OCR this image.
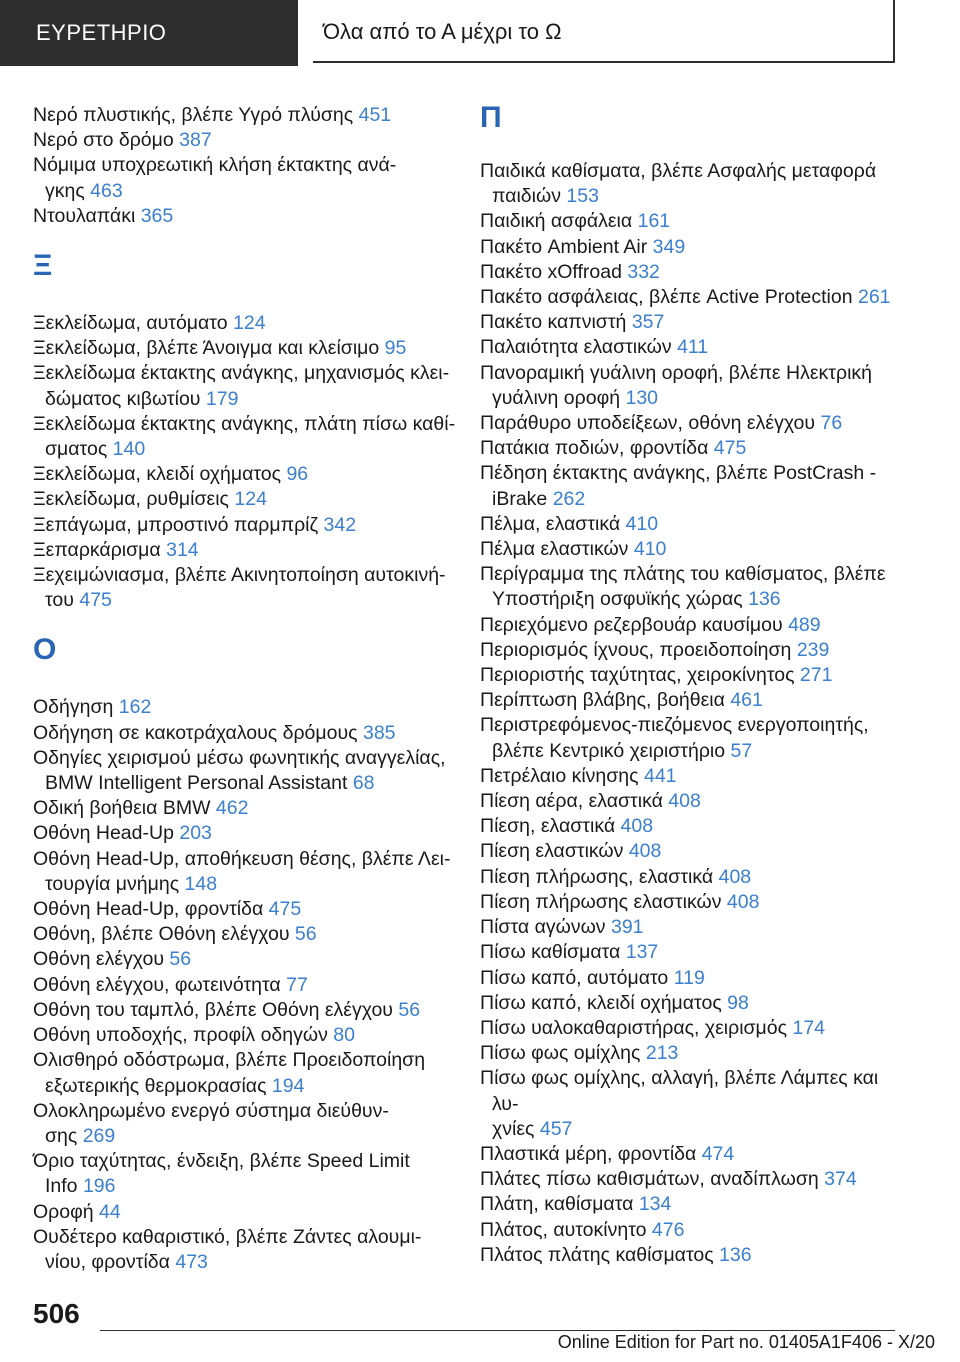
ΕΥΡΕΤΗΡΙΟ	Όλα από το Α μέχρι το Ω
Νερό πλυστικής, βλέπε Υγρό πλύσης 451
Νερό στο δρόμο 387
Νόμιμα υποχρεωτική κλήση έκτακτης ανά‐
γκης 463
Ντουλαπάκι 365
Ξ
Ξεκλείδωμα, αυτόματο 124
Ξεκλείδωμα, βλέπε Άνοιγμα και κλείσιμο 95
Ξεκλείδωμα έκτακτης ανάγκης, μηχανισμός κλει‐
δώματος κιβωτίου 179
Ξεκλείδωμα έκτακτης ανάγκης, πλάτη πίσω καθί‐
σματος 140
Ξεκλείδωμα, κλειδί οχήματος 96
Ξεκλείδωμα, ρυθμίσεις 124
Ξεπάγωμα, μπροστινό παρμπρίζ 342
Ξεπαρκάρισμα 314
Ξεχειμώνιασμα, βλέπε Ακινητοποίηση αυτοκινή‐
του 475
Ο
Οδήγηση 162
Οδήγηση σε κακοτράχαλους δρόμους 385
Οδηγίες χειρισμού μέσω φωνητικής αναγγελίας,
BMW Intelligent Personal Assistant 68
Οδική βοήθεια BMW 462
Οθόνη Head-Up 203
Οθόνη Head-Up, αποθήκευση θέσης, βλέπε Λει‐
τουργία μνήμης 148
Οθόνη Head-Up, φροντίδα 475
Οθόνη, βλέπε Οθόνη ελέγχου 56
Οθόνη ελέγχου 56
Οθόνη ελέγχου, φωτεινότητα 77
Οθόνη του ταμπλό, βλέπε Οθόνη ελέγχου 56
Οθόνη υποδοχής, προφίλ οδηγών 80
Ολισθηρό οδόστρωμα, βλέπε Προειδοποίηση
εξωτερικής θερμοκρασίας 194
Ολοκληρωμένο ενεργό σύστημα διεύθυν‐
σης 269
Όριο ταχύτητας, ένδειξη, βλέπε Speed Limit
Info 196
Οροφή 44
Ουδέτερο καθαριστικό, βλέπε Ζάντες αλουμι‐
νίου, φροντίδα 473
Π
Παιδικά καθίσματα, βλέπε Ασφαλής μεταφορά
παιδιών 153
Παιδική ασφάλεια 161
Πακέτο Ambient Air 349
Πακέτο xOffroad 332
Πακέτο ασφάλειας, βλέπε Active Protection 261
Πακέτο καπνιστή 357
Παλαιότητα ελαστικών 411
Πανοραμική γυάλινη οροφή, βλέπε Ηλεκτρική
γυάλινη οροφή 130
Παράθυρο υποδείξεων, οθόνη ελέγχου 76
Πατάκια ποδιών, φροντίδα 475
Πέδηση έκτακτης ανάγκης, βλέπε PostCrash -
iBrake 262
Πέλμα, ελαστικά 410
Πέλμα ελαστικών 410
Περίγραμμα της πλάτης του καθίσματος, βλέπε
Υποστήριξη οσφυϊκής χώρας 136
Περιεχόμενο ρεζερβουάρ καυσίμου 489
Περιορισμός ίχνους, προειδοποίηση 239
Περιοριστής ταχύτητας, χειροκίνητος 271
Περίπτωση βλάβης, βοήθεια 461
Περιστρεφόμενος-πιεζόμενος ενεργοποιητής,
βλέπε Κεντρικό χειριστήριο 57
Πετρέλαιο κίνησης 441
Πίεση αέρα, ελαστικά 408
Πίεση, ελαστικά 408
Πίεση ελαστικών 408
Πίεση πλήρωσης, ελαστικά 408
Πίεση πλήρωσης ελαστικών 408
Πίστα αγώνων 391
Πίσω καθίσματα 137
Πίσω καπό, αυτόματο 119
Πίσω καπό, κλειδί οχήματος 98
Πίσω υαλοκαθαριστήρας, χειρισμός 174
Πίσω φως ομίχλης 213
Πίσω φως ομίχλης, αλλαγή, βλέπε Λάμπες και λυ‐
χνίες 457
Πλαστικά μέρη, φροντίδα 474
Πλάτες πίσω καθισμάτων, αναδίπλωση 374
Πλάτη, καθίσματα 134
Πλάτος, αυτοκίνητο 476
Πλάτος πλάτης καθίσματος 136
506
Online Edition for Part no. 01405A1F406 - X/20
